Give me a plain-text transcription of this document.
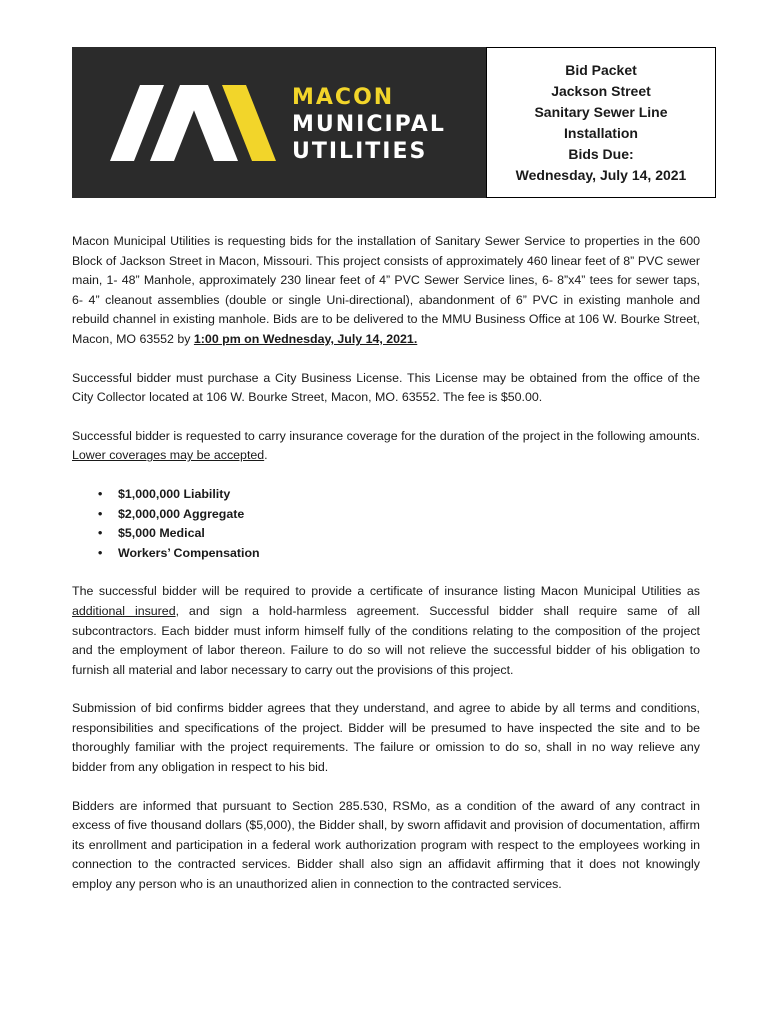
MACON
MUNICIPAL
UTILITIES
Bid Packet
Jackson Street
Sanitary Sewer Line
Installation
Bids Due:
Wednesday, July 14, 2021

Macon Municipal Utilities is requesting bids for the installation of Sanitary Sewer Service to properties in the 600 Block of Jackson Street in Macon, Missouri. This project consists of approximately 460 linear feet of 8” PVC sewer main, 1- 48” Manhole, approximately 230 linear feet of 4” PVC Sewer Service lines, 6- 8”x4” tees for sewer taps, 6- 4” cleanout assemblies (double or single Uni-directional), abandonment of 6” PVC in existing manhole and rebuild channel in existing manhole. Bids are to be delivered to the MMU Business Office at 106 W. Bourke Street, Macon, MO 63552 by 1:00 pm on Wednesday, July 14, 2021.

Successful bidder must purchase a City Business License. This License may be obtained from the office of the City Collector located at 106 W. Bourke Street, Macon, MO. 63552. The fee is $50.00.

Successful bidder is requested to carry insurance coverage for the duration of the project in the following amounts. Lower coverages may be accepted.

• $1,000,000 Liability
• $2,000,000 Aggregate
• $5,000 Medical
• Workers’ Compensation

The successful bidder will be required to provide a certificate of insurance listing Macon Municipal Utilities as additional insured, and sign a hold-harmless agreement. Successful bidder shall require same of all subcontractors. Each bidder must inform himself fully of the conditions relating to the composition of the project and the employment of labor thereon. Failure to do so will not relieve the successful bidder of his obligation to furnish all material and labor necessary to carry out the provisions of this project.

Submission of bid confirms bidder agrees that they understand, and agree to abide by all terms and conditions, responsibilities and specifications of the project. Bidder will be presumed to have inspected the site and to be thoroughly familiar with the project requirements. The failure or omission to do so, shall in no way relieve any bidder from any obligation in respect to his bid.

Bidders are informed that pursuant to Section 285.530, RSMo, as a condition of the award of any contract in excess of five thousand dollars ($5,000), the Bidder shall, by sworn affidavit and provision of documentation, affirm its enrollment and participation in a federal work authorization program with respect to the employees working in connection to the contracted services. Bidder shall also sign an affidavit affirming that it does not knowingly employ any person who is an unauthorized alien in connection to the contracted services.
